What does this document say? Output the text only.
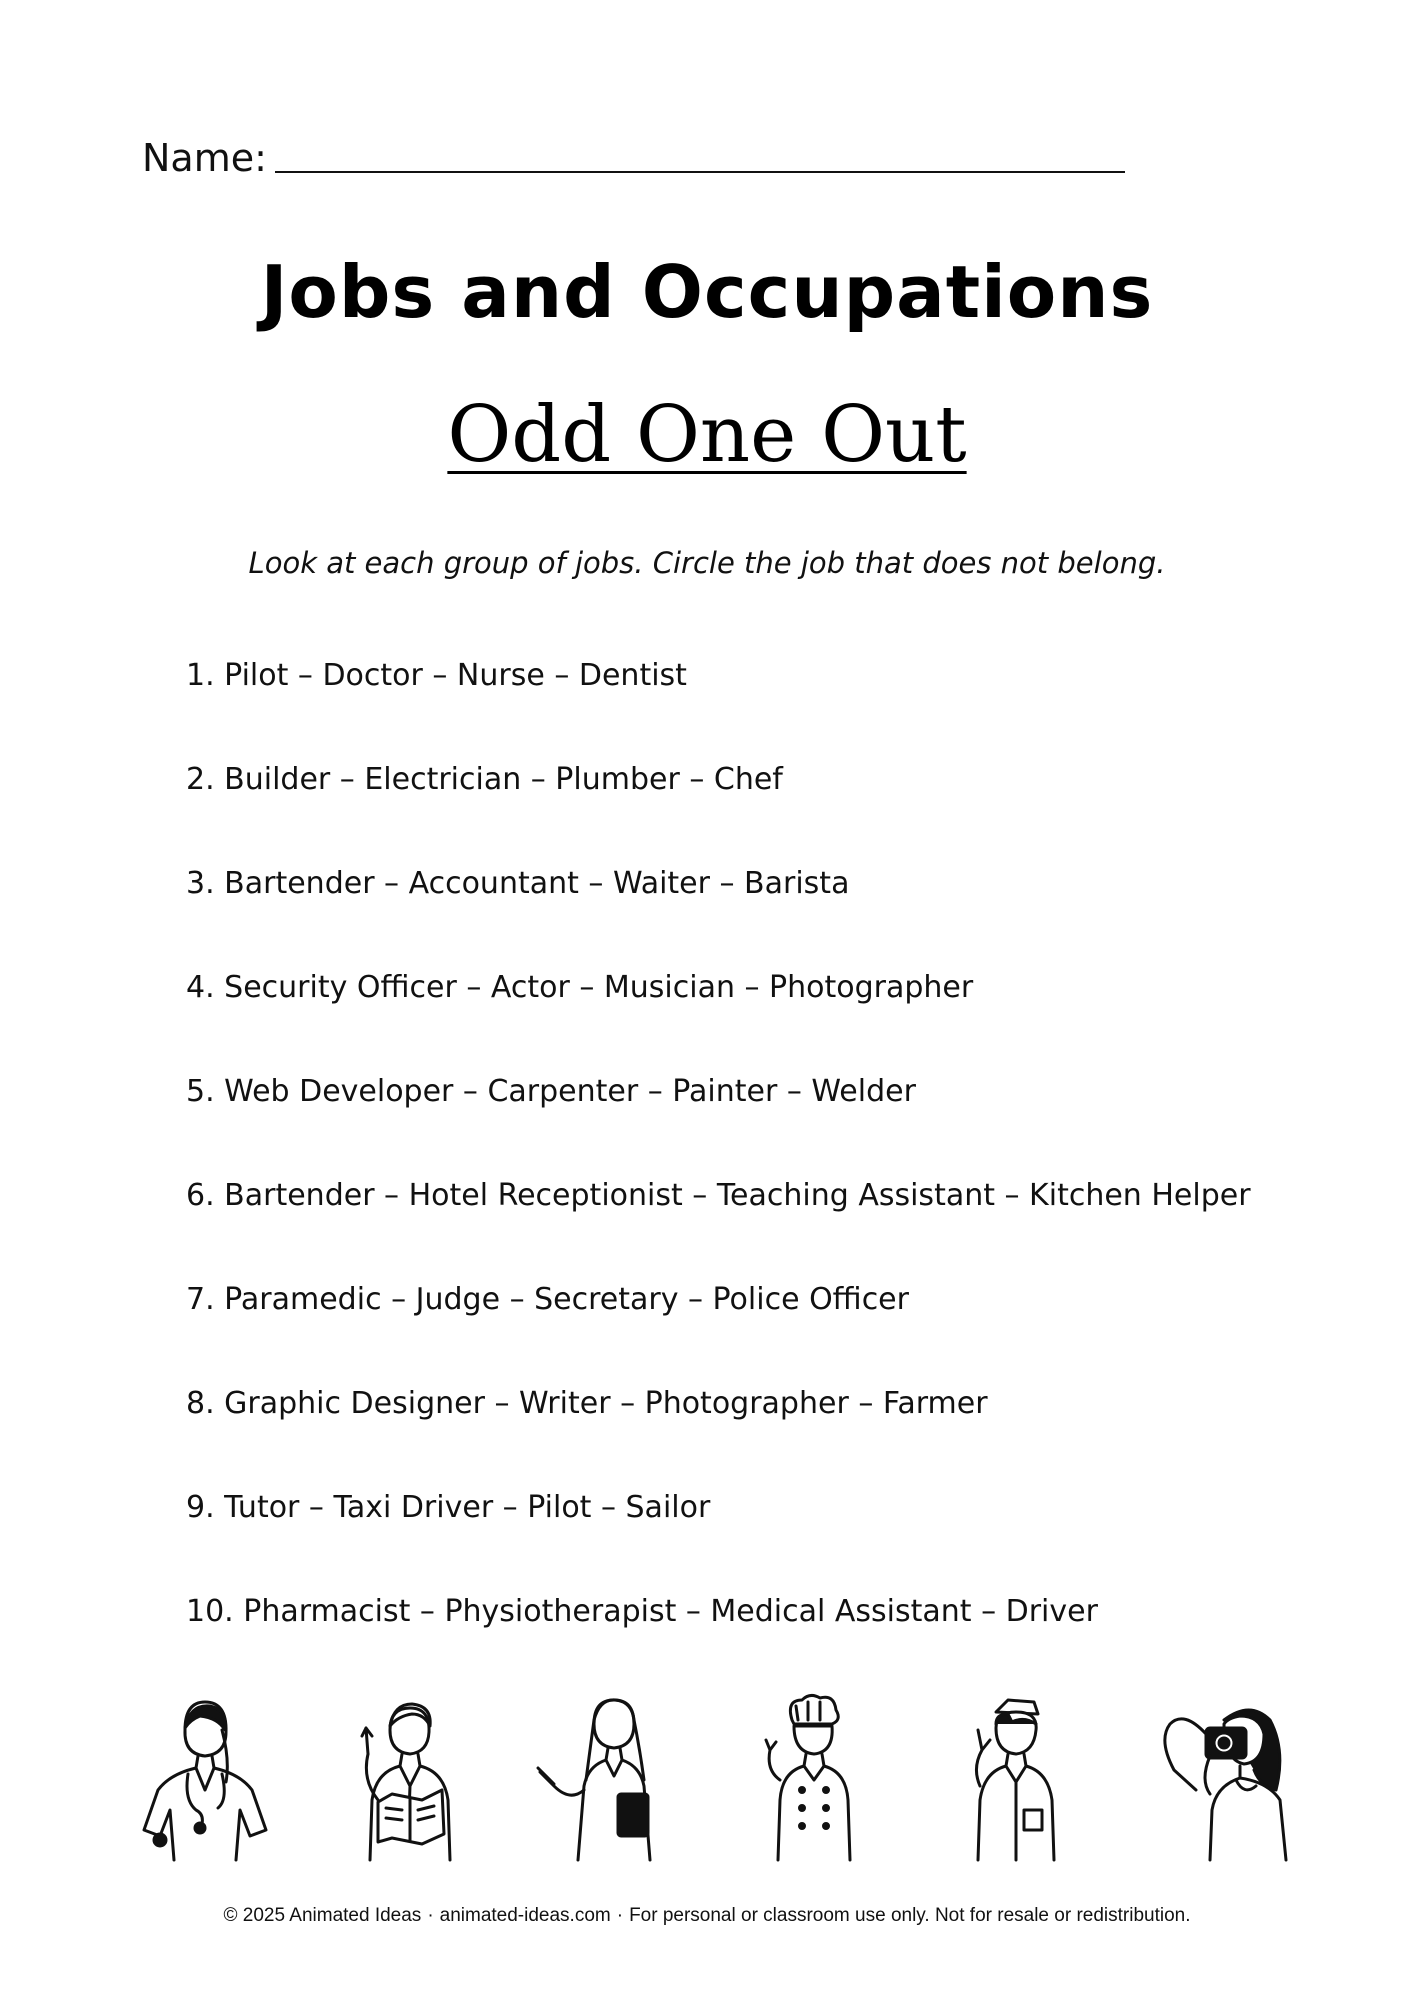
Name:
Jobs and Occupations
Odd One Out
Look at each group of jobs. Circle the job that does not belong.
1. Pilot – Doctor – Nurse – Dentist
2. Builder – Electrician – Plumber – Chef
3. Bartender – Accountant – Waiter – Barista
4. Security Officer – Actor – Musician – Photographer
5. Web Developer – Carpenter – Painter – Welder
6. Bartender – Hotel Receptionist – Teaching Assistant – Kitchen Helper
7. Paramedic – Judge – Secretary – Police Officer
8. Graphic Designer – Writer – Photographer – Farmer
9. Tutor – Taxi Driver – Pilot – Sailor
10. Pharmacist – Physiotherapist – Medical Assistant – Driver
© 2025 Animated Ideas · animated-ideas.com · For personal or classroom use only. Not for resale or redistribution.
